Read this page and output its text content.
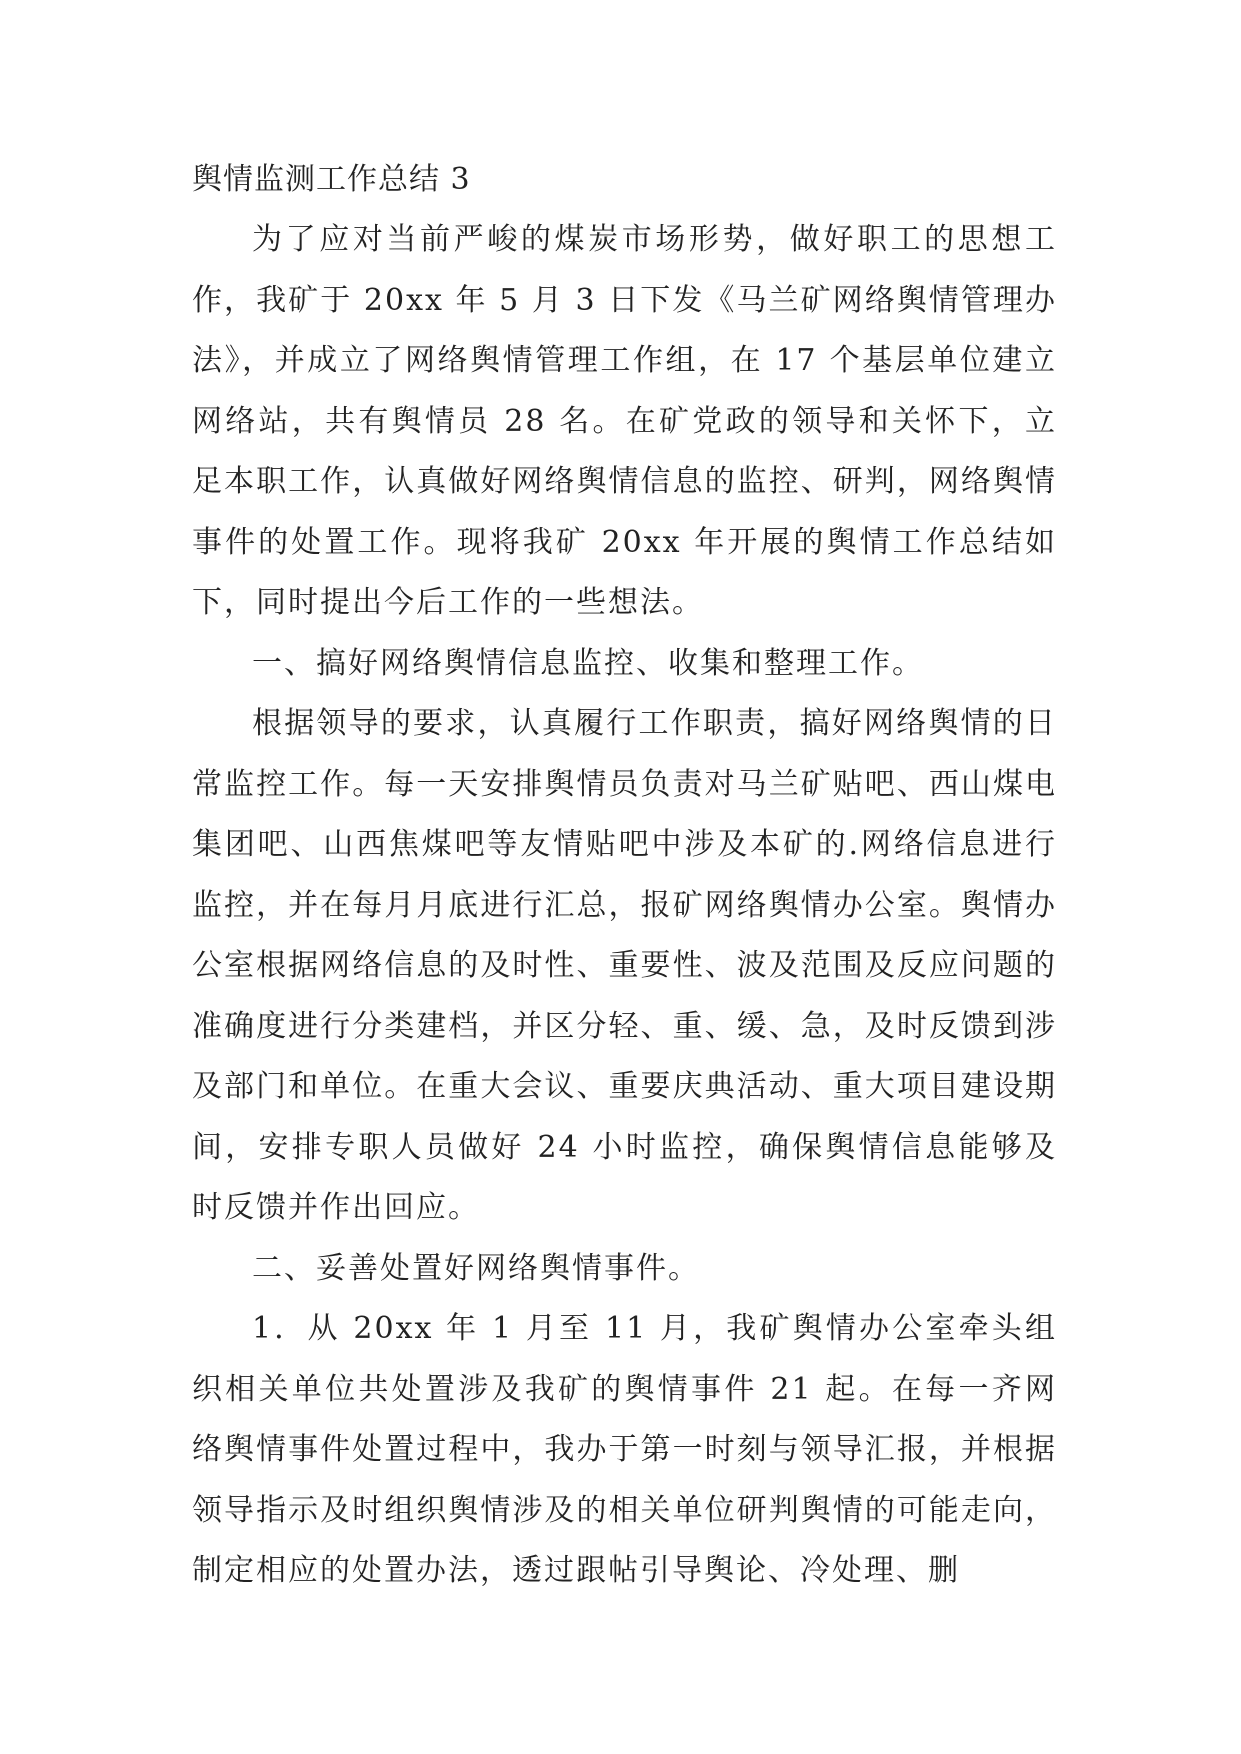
舆情监测工作总结 3

为了应对当前严峻的煤炭市场形势，做好职工的思想工作，我矿于 20xx 年 5 月 3 日下发《马兰矿网络舆情管理办法》，并成立了网络舆情管理工作组，在 17 个基层单位建立网络站，共有舆情员 28 名。在矿党政的领导和关怀下，立足本职工作，认真做好网络舆情信息的监控、研判，网络舆情事件的处置工作。现将我矿 20xx 年开展的舆情工作总结如下，同时提出今后工作的一些想法。

一、搞好网络舆情信息监控、收集和整理工作。

根据领导的要求，认真履行工作职责，搞好网络舆情的日常监控工作。每一天安排舆情员负责对马兰矿贴吧、西山煤电集团吧、山西焦煤吧等友情贴吧中涉及本矿的.网络信息进行监控，并在每月月底进行汇总，报矿网络舆情办公室。舆情办公室根据网络信息的及时性、重要性、波及范围及反应问题的准确度进行分类建档，并区分轻、重、缓、急，及时反馈到涉及部门和单位。在重大会议、重要庆典活动、重大项目建设期间，安排专职人员做好 24 小时监控，确保舆情信息能够及时反馈并作出回应。

二、妥善处置好网络舆情事件。

1．从 20xx 年 1 月至 11 月，我矿舆情办公室牵头组织相关单位共处置涉及我矿的舆情事件 21 起。在每一齐网络舆情事件处置过程中，我办于第一时刻与领导汇报，并根据领导指示及时组织舆情涉及的相关单位研判舆情的可能走向，制定相应的处置办法，透过跟帖引导舆论、冷处理、删
